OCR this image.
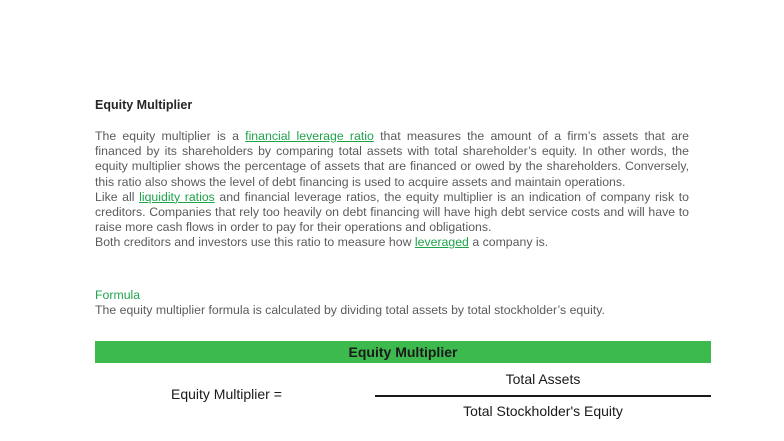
Equity Multiplier

The equity multiplier is a financial leverage ratio that measures the amount of a firm’s assets that are financed by its shareholders by comparing total assets with total shareholder’s equity. In other words, the equity multiplier shows the percentage of assets that are financed or owed by the shareholders. Conversely, this ratio also shows the level of debt financing is used to acquire assets and maintain operations.

Like all liquidity ratios and financial leverage ratios, the equity multiplier is an indication of company risk to creditors. Companies that rely too heavily on debt financing will have high debt service costs and will have to raise more cash flows in order to pay for their operations and obligations.

Both creditors and investors use this ratio to measure how leveraged a company is.

Formula

The equity multiplier formula is calculated by dividing total assets by total stockholder’s equity.

Equity Multiplier
Equity Multiplier =
Total Assets
Total Stockholder's Equity
